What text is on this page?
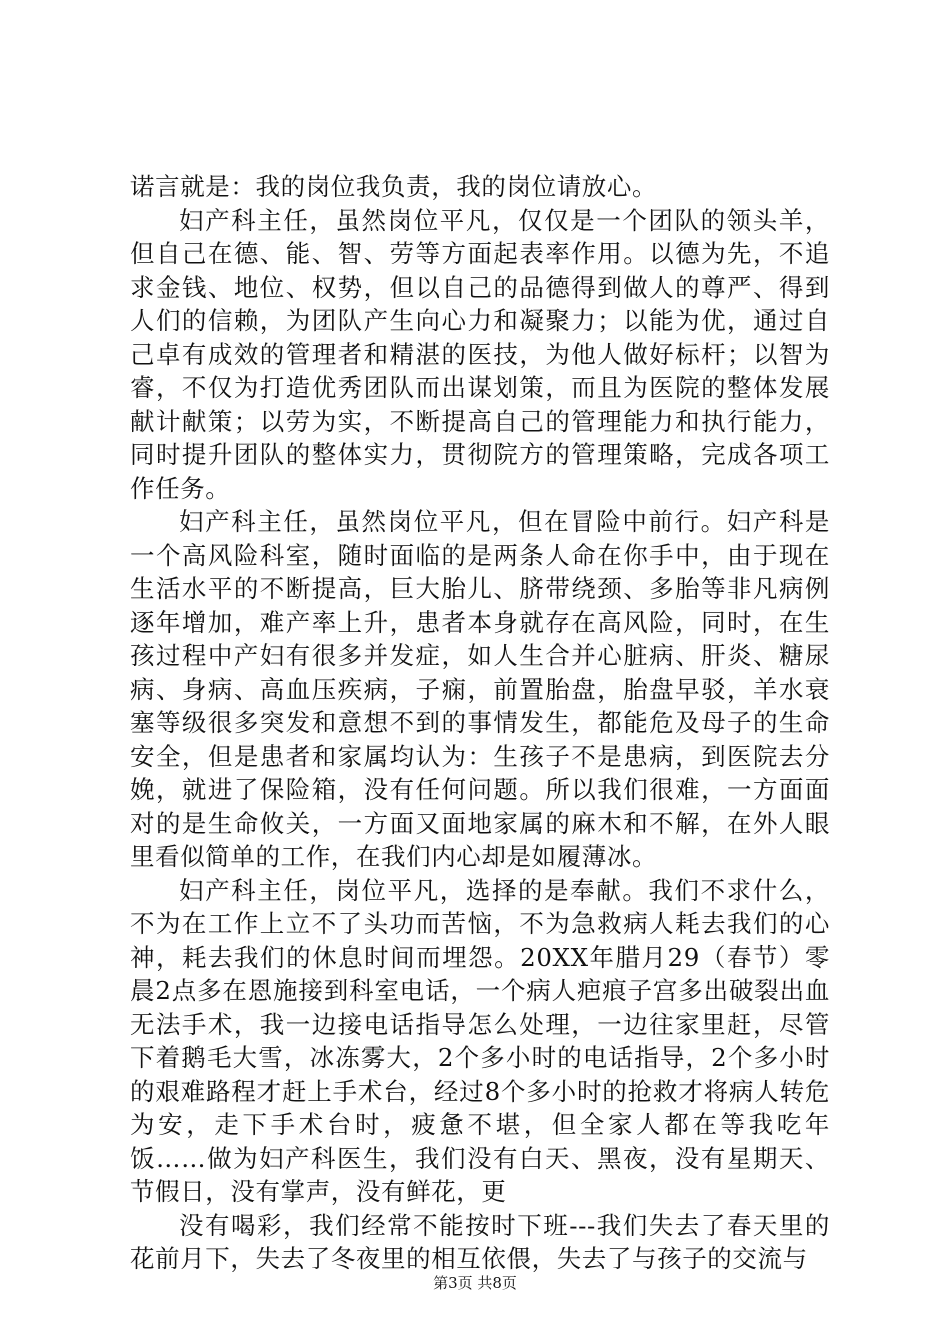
诺言就是：我的岗位我负责，我的岗位请放心。

妇产科主任，虽然岗位平凡，仅仅是一个团队的领头羊，但自己在德、能、智、劳等方面起表率作用。以德为先，不追求金钱、地位、权势，但以自己的品德得到做人的尊严、得到人们的信赖，为团队产生向心力和凝聚力；以能为优，通过自己卓有成效的管理者和精湛的医技，为他人做好标杆；以智为睿，不仅为打造优秀团队而出谋划策，而且为医院的整体发展献计献策；以劳为实，不断提高自己的管理能力和执行能力，同时提升团队的整体实力，贯彻院方的管理策略，完成各项工作任务。

妇产科主任，虽然岗位平凡，但在冒险中前行。妇产科是一个高风险科室，随时面临的是两条人命在你手中，由于现在生活水平的不断提高，巨大胎儿、脐带绕颈、多胎等非凡病例逐年增加，难产率上升，患者本身就存在高风险，同时，在生孩过程中产妇有很多并发症，如人生合并心脏病、肝炎、糖尿病、身病、高血压疾病，子痫，前置胎盘，胎盘早驳，羊水衰塞等级很多突发和意想不到的事情发生，都能危及母子的生命安全，但是患者和家属均认为：生孩子不是患病，到医院去分娩，就进了保险箱，没有任何问题。所以我们很难，一方面面对的是生命攸关，一方面又面地家属的麻木和不解，在外人眼里看似简单的工作，在我们内心却是如履薄冰。

妇产科主任，岗位平凡，选择的是奉献。我们不求什么，不为在工作上立不了头功而苦恼，不为急救病人耗去我们的心神，耗去我们的休息时间而埋怨。20XX年腊月29（春节）零晨2点多在恩施接到科室电话，一个病人疤痕子宫多出破裂出血无法手术，我一边接电话指导怎么处理，一边往家里赶，尽管下着鹅毛大雪，冰冻雾大，2个多小时的电话指导，2个多小时的艰难路程才赶上手术台，经过8个多小时的抢救才将病人转危为安，走下手术台时，疲惫不堪，但全家人都在等我吃年饭……做为妇产科医生，我们没有白天、黑夜，没有星期天、节假日，没有掌声，没有鲜花，更

没有喝彩，我们经常不能按时下班---我们失去了春天里的花前月下，失去了冬夜里的相互依偎，失去了与孩子的交流与

第3页 共8页
